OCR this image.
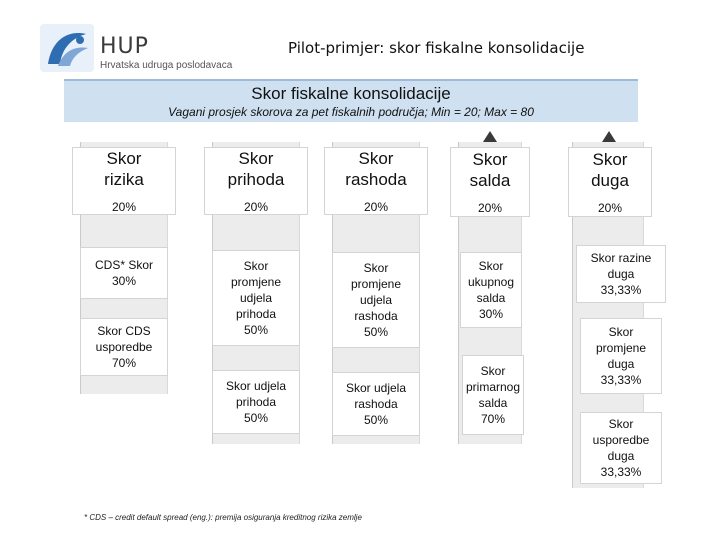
HUP
Hrvatska udruga poslodavaca
Pilot-primjer: skor fiskalne konsolidacije
Skor fiskalne konsolidacije
Vagani prosjek skorova za pet fiskalnih područja; Min = 20; Max = 80
Skor rizika
20%
CDS* Skor
30%
Skor CDS usporedbe
70%
Skor prihoda
20%
Skor promjene udjela prihoda
50%
Skor udjela prihoda
50%
Skor rashoda
20%
Skor promjene udjela rashoda
50%
Skor udjela rashoda
50%
Skor salda
20%
Skor ukupnog salda
30%
Skor primarnog salda
70%
Skor duga
20%
Skor razine duga
33,33%
Skor promjene duga
33,33%
Skor usporedbe duga
33,33%
* CDS – credit default spread (eng.): premija osiguranja kreditnog rizika zemlje
